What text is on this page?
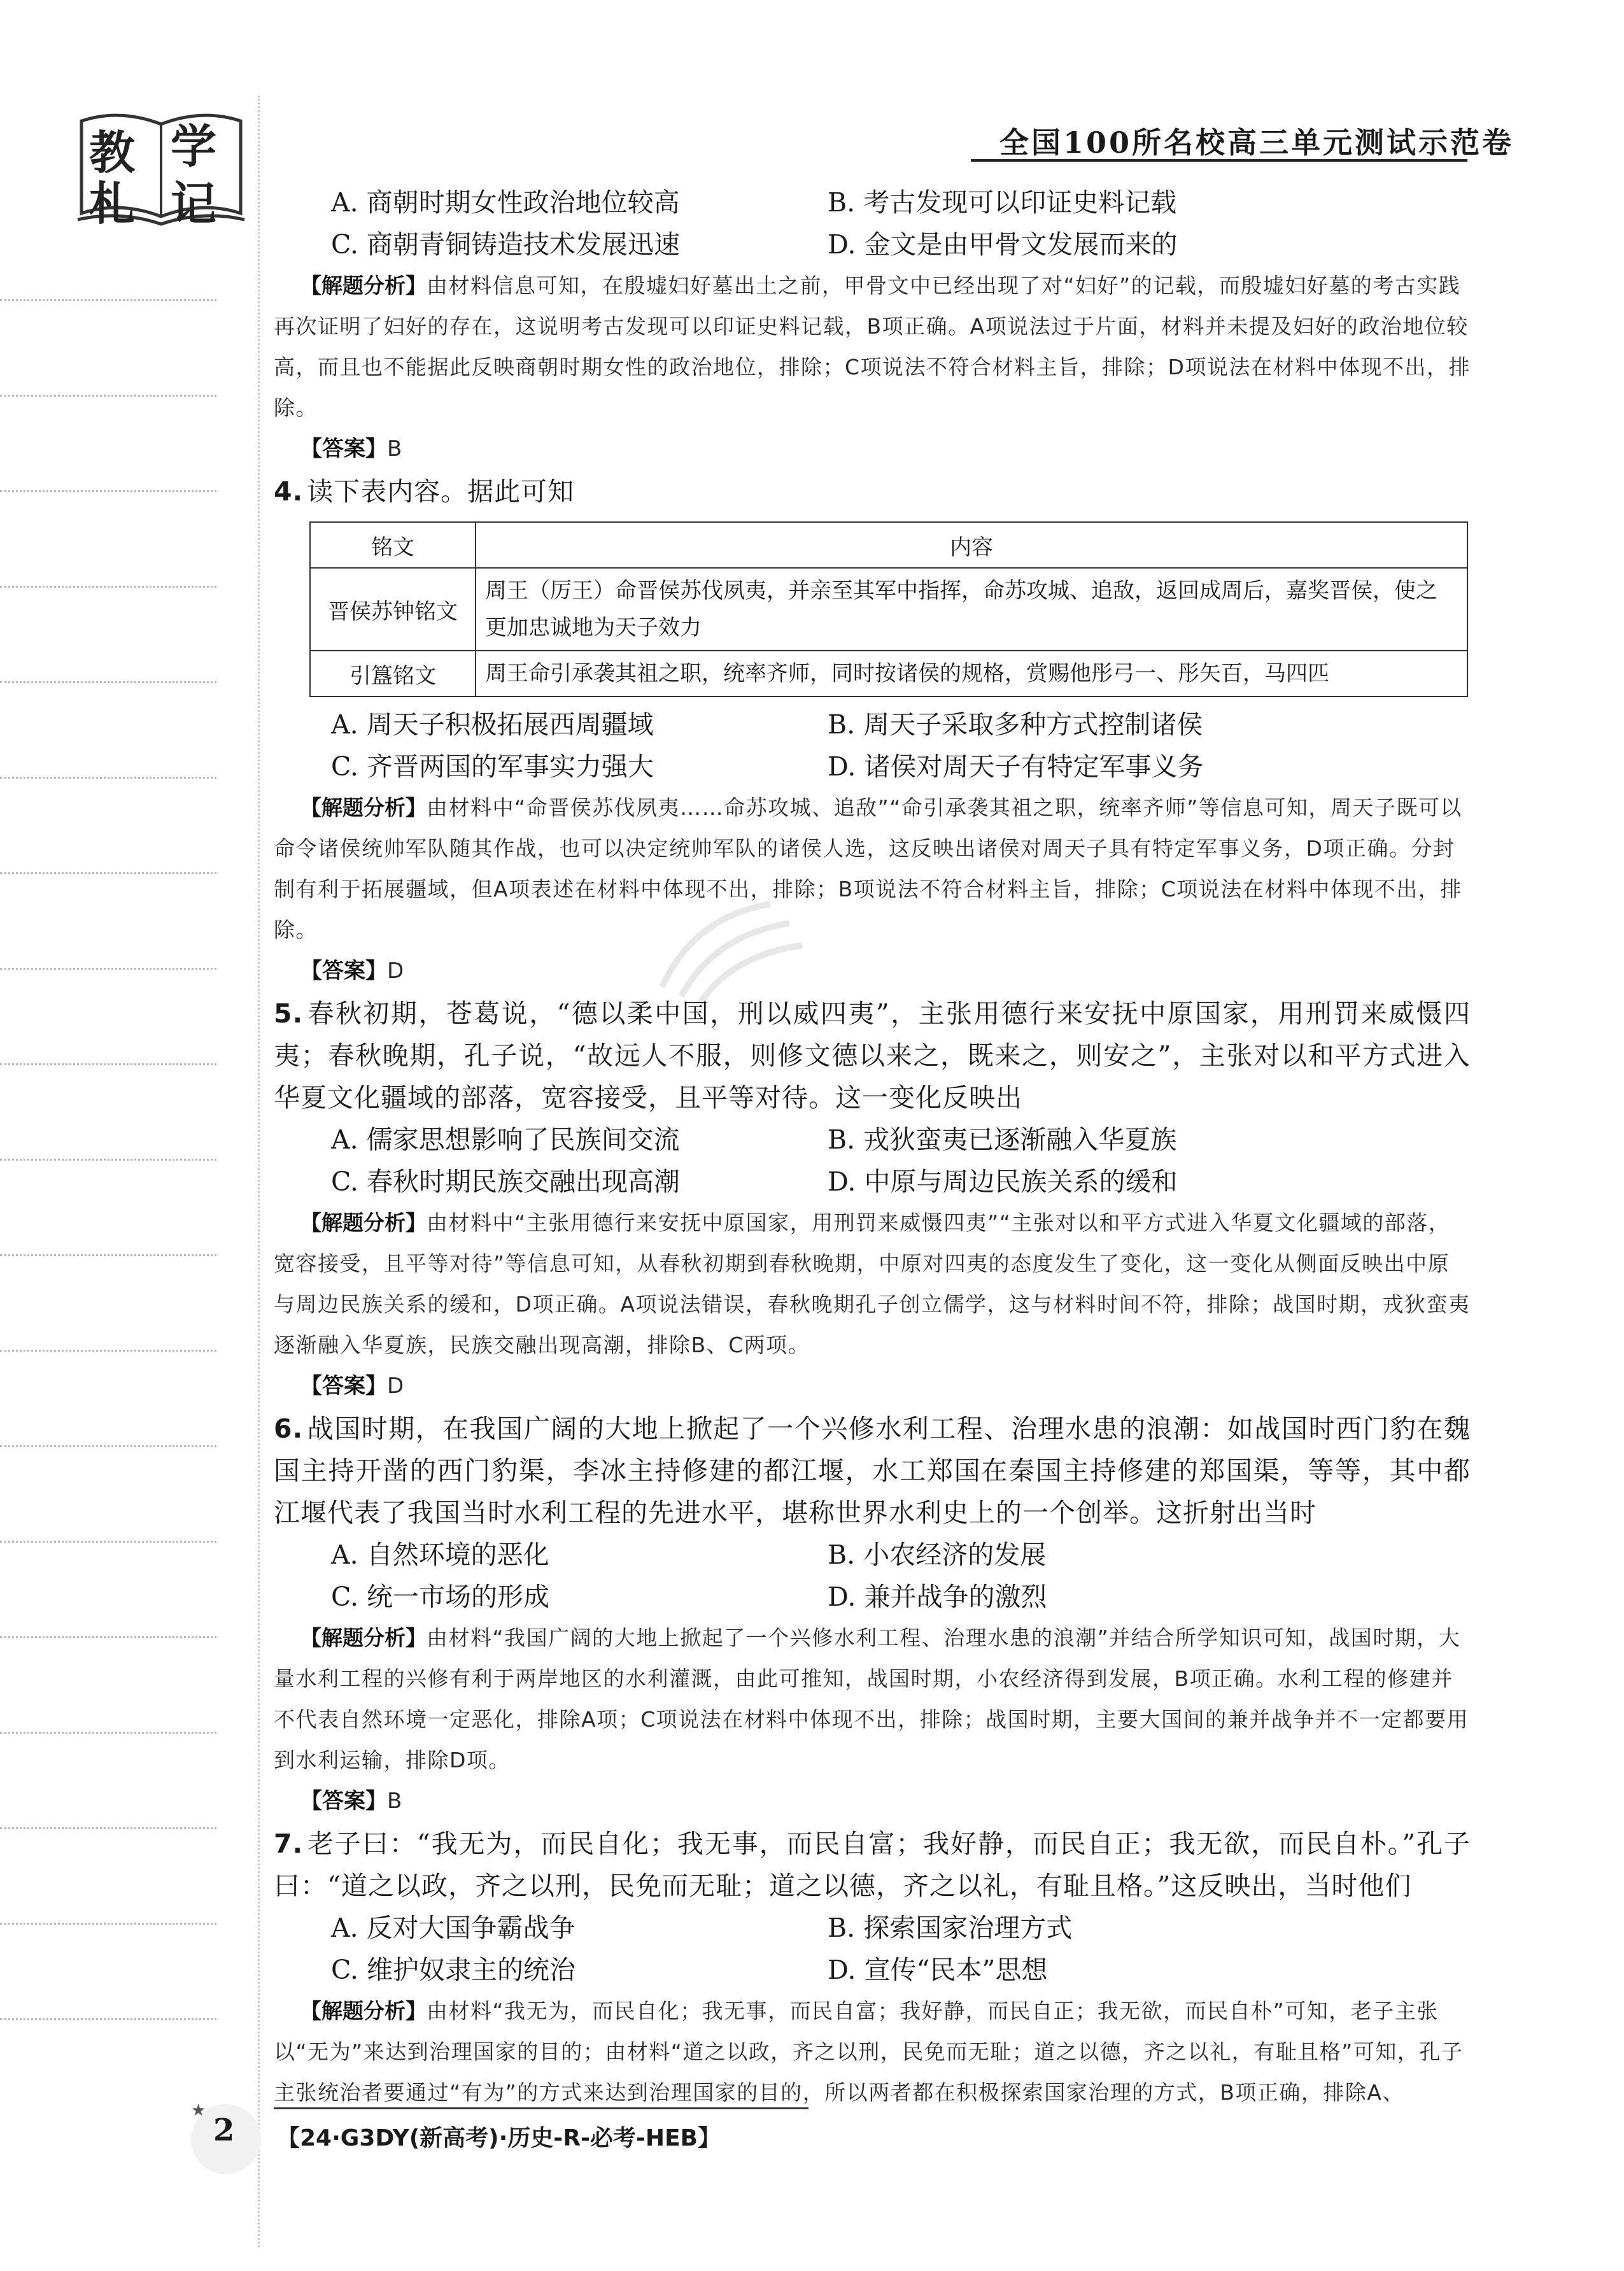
教 学
札 记
全国100所名校高三单元测试示范卷
A. 商朝时期女性政治地位较高	B. 考古发现可以印证史料记载
C. 商朝青铜铸造技术发展迅速	D. 金文是由甲骨文发展而来的

【解题分析】由材料信息可知，在殷墟妇好墓出土之前，甲骨文中已经出现了对“妇好”的记载，而殷墟妇好墓的考古实践再次证明了妇好的存在，这说明考古发现可以印证史料记载，B项正确。A项说法过于片面，材料并未提及妇好的政治地位较高，而且也不能据此反映商朝时期女性的政治地位，排除；C项说法不符合材料主旨，排除；D项说法在材料中体现不出，排除。

【答案】B

4. 读下表内容。据此可知

铭文	内容
晋侯苏钟铭文	周王（厉王）命晋侯苏伐夙夷，并亲至其军中指挥，命苏攻城、追敌，返回成周后，嘉奖晋侯，使之更加忠诚地为天子效力
引簋铭文	周王命引承袭其祖之职，统率齐师，同时按诸侯的规格，赏赐他彤弓一、彤矢百，马四匹
A. 周天子积极拓展西周疆域	B. 周天子采取多种方式控制诸侯
C. 齐晋两国的军事实力强大	D. 诸侯对周天子有特定军事义务

【解题分析】由材料中“命晋侯苏伐夙夷……命苏攻城、追敌”“命引承袭其祖之职，统率齐师”等信息可知，周天子既可以命令诸侯统帅军队随其作战，也可以决定统帅军队的诸侯人选，这反映出诸侯对周天子具有特定军事义务，D项正确。分封制有利于拓展疆域，但A项表述在材料中体现不出，排除；B项说法不符合材料主旨，排除；C项说法在材料中体现不出，排除。

【答案】D

5. 春秋初期，苍葛说，“德以柔中国，刑以威四夷”，主张用德行来安抚中原国家，用刑罚来威慑四夷；春秋晚期，孔子说，“故远人不服，则修文德以来之，既来之，则安之”，主张对以和平方式进入华夏文化疆域的部落，宽容接受，且平等对待。这一变化反映出

A. 儒家思想影响了民族间交流	B. 戎狄蛮夷已逐渐融入华夏族
C. 春秋时期民族交融出现高潮	D. 中原与周边民族关系的缓和

【解题分析】由材料中“主张用德行来安抚中原国家，用刑罚来威慑四夷”“主张对以和平方式进入华夏文化疆域的部落，宽容接受，且平等对待”等信息可知，从春秋初期到春秋晚期，中原对四夷的态度发生了变化，这一变化从侧面反映出中原与周边民族关系的缓和，D项正确。A项说法错误，春秋晚期孔子创立儒学，这与材料时间不符，排除；战国时期，戎狄蛮夷逐渐融入华夏族，民族交融出现高潮，排除B、C两项。

【答案】D

6. 战国时期，在我国广阔的大地上掀起了一个兴修水利工程、治理水患的浪潮：如战国时西门豹在魏国主持开凿的西门豹渠，李冰主持修建的都江堰，水工郑国在秦国主持修建的郑国渠，等等，其中都江堰代表了我国当时水利工程的先进水平，堪称世界水利史上的一个创举。这折射出当时

A. 自然环境的恶化	B. 小农经济的发展
C. 统一市场的形成	D. 兼并战争的激烈

【解题分析】由材料“我国广阔的大地上掀起了一个兴修水利工程、治理水患的浪潮”并结合所学知识可知，战国时期，大量水利工程的兴修有利于两岸地区的水利灌溉，由此可推知，战国时期，小农经济得到发展，B项正确。水利工程的修建并不代表自然环境一定恶化，排除A项；C项说法在材料中体现不出，排除；战国时期，主要大国间的兼并战争并不一定都要用到水利运输，排除D项。

【答案】B

7. 老子曰：“我无为，而民自化；我无事，而民自富；我好静，而民自正；我无欲，而民自朴。”孔子曰：“道之以政，齐之以刑，民免而无耻；道之以德，齐之以礼，有耻且格。”这反映出，当时他们

A. 反对大国争霸战争	B. 探索国家治理方式
C. 维护奴隶主的统治	D. 宣传“民本”思想

【解题分析】由材料“我无为，而民自化；我无事，而民自富；我好静，而民自正；我无欲，而民自朴”可知，老子主张以“无为”来达到治理国家的目的；由材料“道之以政，齐之以刑，民免而无耻；道之以德，齐之以礼，有耻且格”可知，孔子主张统治者要通过“有为”的方式来达到治理国家的目的，所以两者都在积极探索国家治理的方式，B项正确，排除A、

★
2 【24·G3DY(新高考)·历史-R-必考-HEB】
